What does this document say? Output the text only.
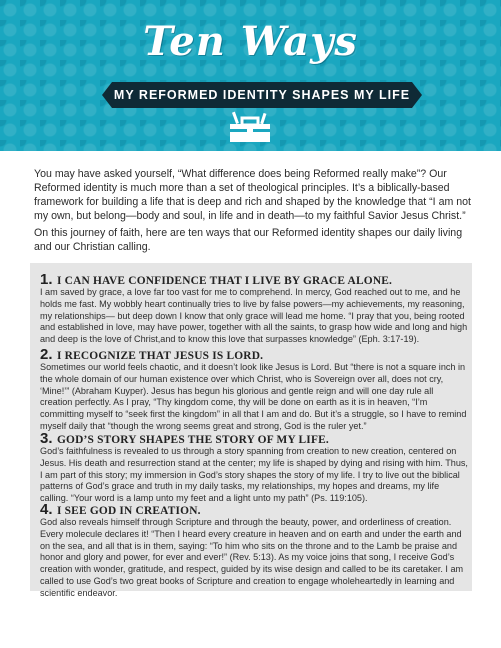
Ten Ways
MY REFORMED IDENTITY SHAPES MY LIFE

You may have asked yourself, “What difference does being Reformed really make”? Our Reformed identity is much more than a set of theological principles. It’s a biblically-based framework for building a life that is deep and rich and shaped by the knowledge that “I am not my own, but belong—body and soul, in life and in death—to my faithful Savior Jesus Christ.”

On this journey of faith, here are ten ways that our Reformed identity shapes our daily living and our Christian calling.

1. I CAN HAVE CONFIDENCE THAT I LIVE BY GRACE ALONE.

I am saved by grace, a love far too vast for me to comprehend. In mercy, God reached out to me, and he holds me fast. My wobbly heart continually tries to live by false powers—my achievements, my reasoning, my relationships— but deep down I know that only grace will lead me home. “I pray that you, being rooted and established in love, may have power, together with all the saints, to grasp how wide and long and high and deep is the love of Christ,and to know this love that surpasses knowledge” (Eph. 3:17-19).

2. I RECOGNIZE THAT JESUS IS LORD.

Sometimes our world feels chaotic, and it doesn’t look like Jesus is Lord. But “there is not a square inch in the whole domain of our human existence over which Christ, who is Sovereign over all, does not cry, ‘Mine!’” (Abraham Kuyper). Jesus has begun his glorious and gentle reign and will one day rule all creation perfectly. As I pray, “Thy kingdom come, thy will be done on earth as it is in heaven, “I’m committing myself to “seek first the kingdom” in all that I am and do. But it’s a struggle, so I have to remind myself daily that “though the wrong seems great and strong, God is the ruler yet.”

3. GOD’S STORY SHAPES THE STORY OF MY LIFE.

God’s faithfulness is revealed to us through a story spanning from creation to new creation, centered on Jesus. His death and resurrection stand at the center; my life is shaped by dying and rising with him. Thus, I am part of this story; my immersion in God’s story shapes the story of my life. I try to live out the biblical patterns of God’s grace and truth in my daily tasks, my relationships, my hopes and dreams, my life calling. “Your word is a lamp unto my feet and a light unto my path” (Ps. 119:105).

4. I SEE GOD IN CREATION.

God also reveals himself through Scripture and through the beauty, power, and orderliness of creation. Every molecule declares it! “Then I heard every creature in heaven and on earth and under the earth and on the sea, and all that is in them, saying: “To him who sits on the throne and to the Lamb be praise and honor and glory and power, for ever and ever!” (Rev. 5:13). As my voice joins that song, I receive God’s creation with wonder, gratitude, and respect, guided by its wise design and called to be its caretaker. I am called to use God’s two great books of Scripture and creation to engage wholeheartedly in learning and scientific endeavor.
